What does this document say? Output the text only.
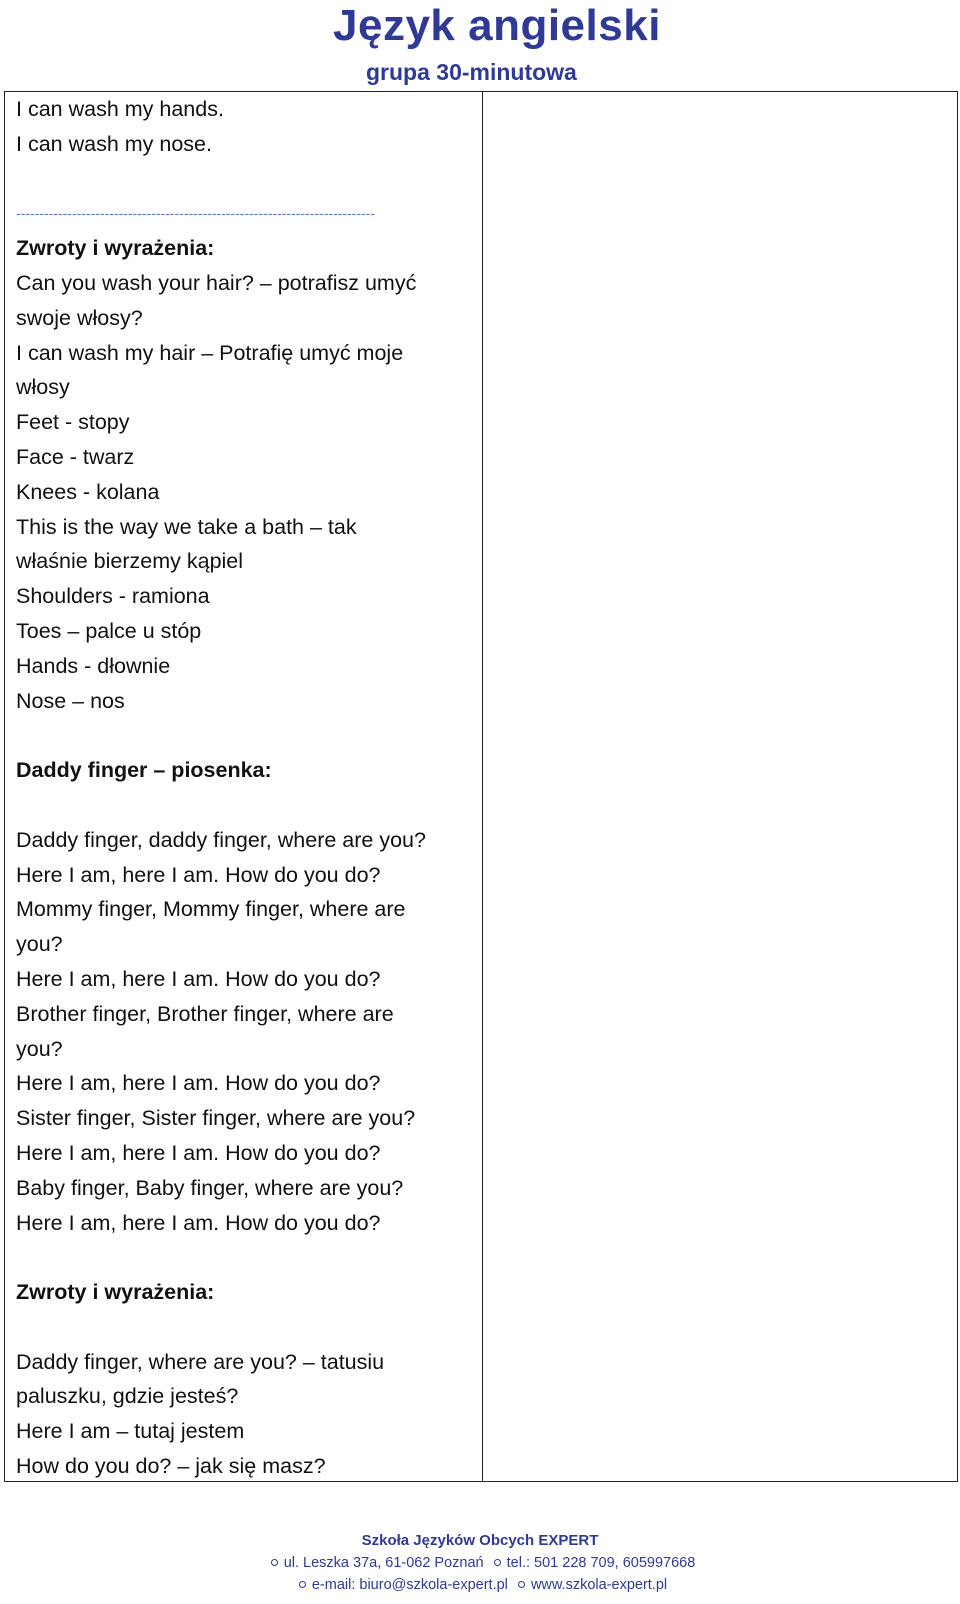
Język angielski
grupa 30-minutowa
I can wash my hands.
I can wash my nose.
-----------------------------------------------------------------------------
Zwroty i wyrażenia:
Can you wash your hair? – potrafisz umyć
swoje włosy?
I can wash my hair – Potrafię umyć moje
włosy
Feet - stopy
Face - twarz
Knees - kolana
This is the way we take a bath – tak
właśnie bierzemy kąpiel
Shoulders - ramiona
Toes – palce u stóp
Hands - dłownie
Nose – nos
Daddy finger – piosenka:
Daddy finger, daddy finger, where are you?
Here I am, here I am. How do you do?
Mommy finger, Mommy finger, where are
you?
Here I am, here I am. How do you do?
Brother finger, Brother finger, where are
you?
Here I am, here I am. How do you do?
Sister finger, Sister finger, where are you?
Here I am, here I am. How do you do?
Baby finger, Baby finger, where are you?
Here I am, here I am. How do you do?
Zwroty i wyrażenia:
Daddy finger, where are you? – tatusiu
paluszku, gdzie jesteś?
Here I am – tutaj jestem
How do you do? – jak się masz?
Szkoła Języków Obcych EXPERT
ul. Leszka 37a, 61-062 Poznań tel.: 501 228 709, 605997668
e-mail: biuro@szkola-expert.pl www.szkola-expert.pl
